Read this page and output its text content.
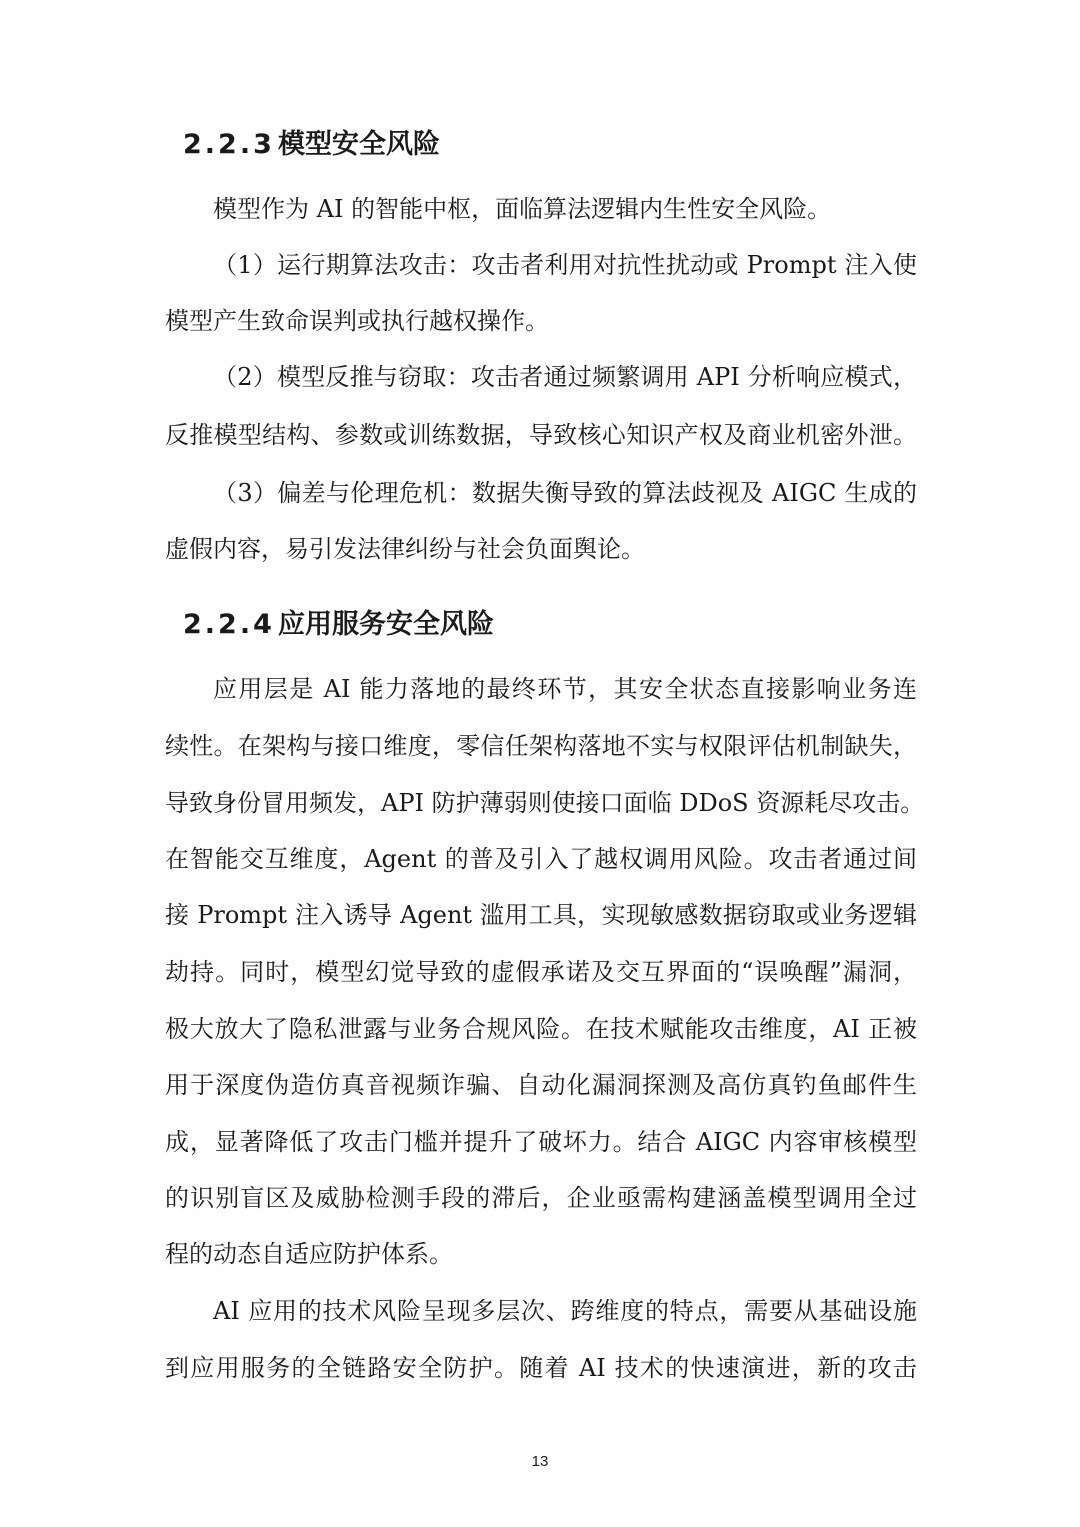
2.2.3 模型安全风险
模型作为 AI 的智能中枢，面临算法逻辑内生性安全风险。
（1）运行期算法攻击：攻击者利用对抗性扰动或 Prompt 注入使
模型产生致命误判或执行越权操作。
（2）模型反推与窃取：攻击者通过频繁调用 API 分析响应模式，
反推模型结构、参数或训练数据，导致核心知识产权及商业机密外泄。
（3）偏差与伦理危机：数据失衡导致的算法歧视及 AIGC 生成的
虚假内容，易引发法律纠纷与社会负面舆论。
2.2.4 应用服务安全风险
应用层是 AI 能力落地的最终环节，其安全状态直接影响业务连
续性。在架构与接口维度，零信任架构落地不实与权限评估机制缺失，
导致身份冒用频发，API 防护薄弱则使接口面临 DDoS 资源耗尽攻击。
在智能交互维度，Agent 的普及引入了越权调用风险。攻击者通过间
接 Prompt 注入诱导 Agent 滥用工具，实现敏感数据窃取或业务逻辑
劫持。同时，模型幻觉导致的虚假承诺及交互界面的“误唤醒”漏洞，
极大放大了隐私泄露与业务合规风险。在技术赋能攻击维度，AI 正被
用于深度伪造仿真音视频诈骗、自动化漏洞探测及高仿真钓鱼邮件生
成，显著降低了攻击门槛并提升了破坏力。结合 AIGC 内容审核模型
的识别盲区及威胁检测手段的滞后，企业亟需构建涵盖模型调用全过
程的动态自适应防护体系。
AI 应用的技术风险呈现多层次、跨维度的特点，需要从基础设施
到应用服务的全链路安全防护。随着 AI 技术的快速演进，新的攻击
13
